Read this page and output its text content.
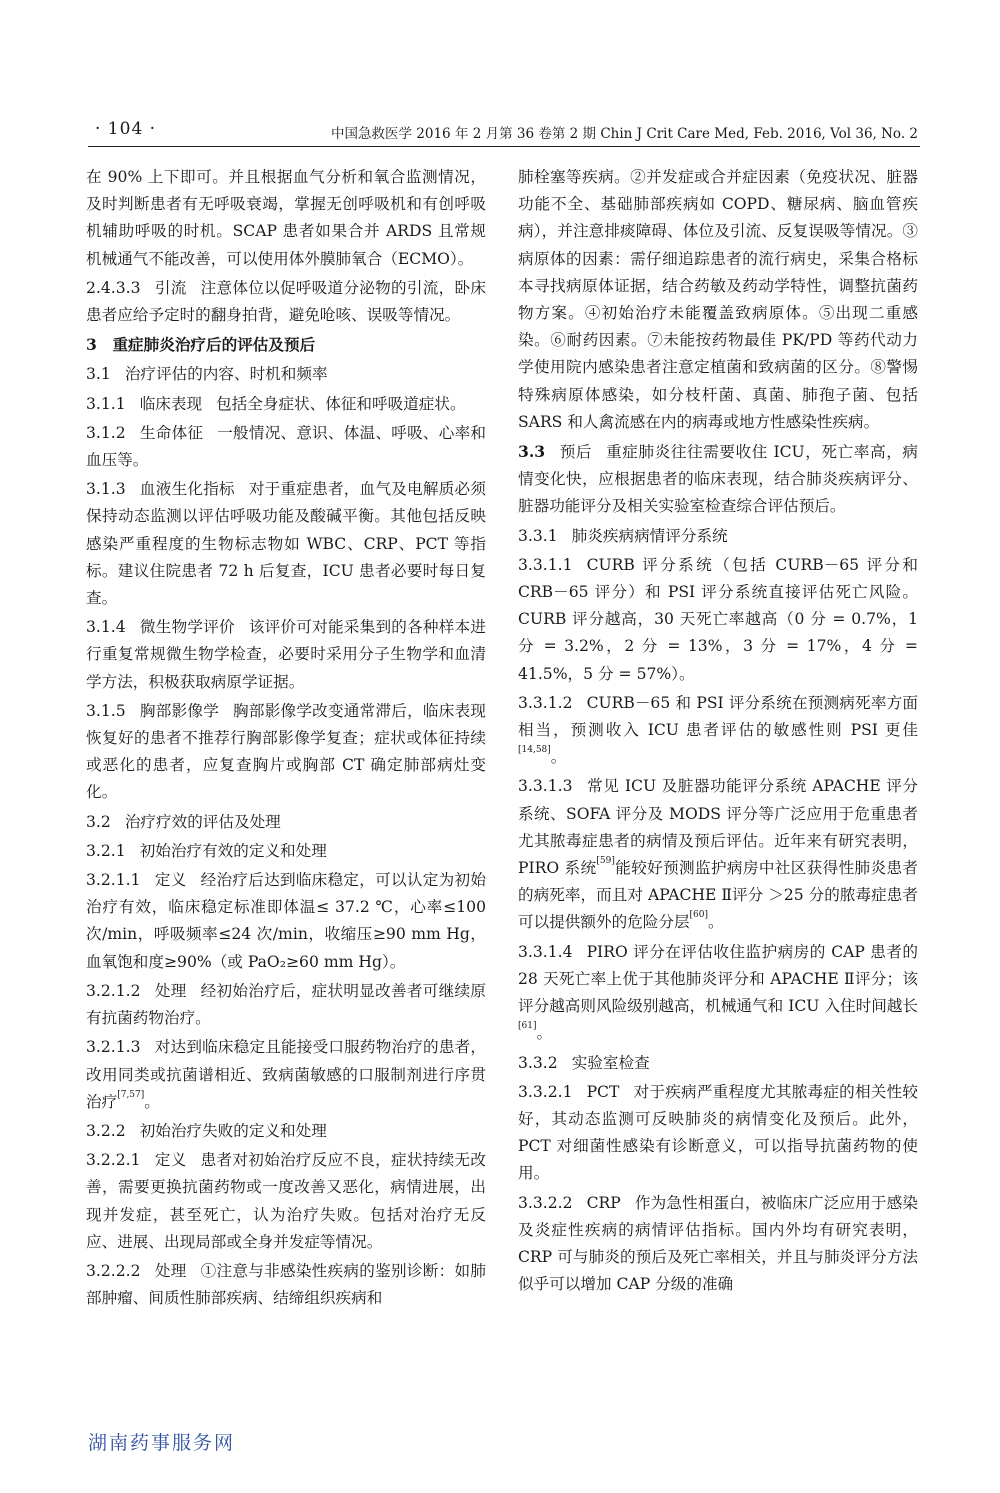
· 104 ·	中国急救医学 2016 年 2 月第 36 卷第 2 期 Chin J Crit Care Med, Feb. 2016, Vol 36, No. 2

在 90% 上下即可。并且根据血气分析和氧合监测情况，及时判断患者有无呼吸衰竭，掌握无创呼吸机和有创呼吸机辅助呼吸的时机。SCAP 患者如果合并 ARDS 且常规机械通气不能改善，可以使用体外膜肺氧合（ECMO）。

2.4.3.3 引流 注意体位以促呼吸道分泌物的引流，卧床患者应给予定时的翻身拍背，避免呛咳、误吸等情况。

3　重症肺炎治疗后的评估及预后

3.1 治疗评估的内容、时机和频率

3.1.1 临床表现 包括全身症状、体征和呼吸道症状。

3.1.2 生命体征 一般情况、意识、体温、呼吸、心率和血压等。

3.1.3 血液生化指标 对于重症患者，血气及电解质必须保持动态监测以评估呼吸功能及酸碱平衡。其他包括反映感染严重程度的生物标志物如 WBC、CRP、PCT 等指标。建议住院患者 72 h 后复查，ICU 患者必要时每日复查。

3.1.4 微生物学评价 该评价可对能采集到的各种样本进行重复常规微生物学检查，必要时采用分子生物学和血清学方法，积极获取病原学证据。

3.1.5 胸部影像学 胸部影像学改变通常滞后，临床表现恢复好的患者不推荐行胸部影像学复查；症状或体征持续或恶化的患者，应复查胸片或胸部 CT 确定肺部病灶变化。

3.2 治疗疗效的评估及处理

3.2.1 初始治疗有效的定义和处理

3.2.1.1 定义 经治疗后达到临床稳定，可以认定为初始治疗有效，临床稳定标准即体温≤ 37.2 ℃，心率≤100 次/min，呼吸频率≤24 次/min，收缩压≥90 mm Hg，血氧饱和度≥90%（或 PaO₂≥60 mm Hg）。

3.2.1.2 处理 经初始治疗后，症状明显改善者可继续原有抗菌药物治疗。

3.2.1.3 对达到临床稳定且能接受口服药物治疗的患者，改用同类或抗菌谱相近、致病菌敏感的口服制剂进行序贯治疗[7,57]。

3.2.2 初始治疗失败的定义和处理

3.2.2.1 定义 患者对初始治疗反应不良，症状持续无改善，需要更换抗菌药物或一度改善又恶化，病情进展，出现并发症，甚至死亡，认为治疗失败。包括对治疗无反应、进展、出现局部或全身并发症等情况。

3.2.2.2 处理 ①注意与非感染性疾病的鉴别诊断：如肺部肿瘤、间质性肺部疾病、结缔组织疾病和

肺栓塞等疾病。②并发症或合并症因素（免疫状况、脏器功能不全、基础肺部疾病如 COPD、糖尿病、脑血管疾病），并注意排痰障碍、体位及引流、反复误吸等情况。③病原体的因素：需仔细追踪患者的流行病史，采集合格标本寻找病原体证据，结合药敏及药动学特性，调整抗菌药物方案。④初始治疗未能覆盖致病原体。⑤出现二重感染。⑥耐药因素。⑦未能按药物最佳 PK/PD 等药代动力学使用院内感染患者注意定植菌和致病菌的区分。⑧警惕特殊病原体感染，如分枝杆菌、真菌、肺孢子菌、包括 SARS 和人禽流感在内的病毒或地方性感染性疾病。

3.3 预后 重症肺炎往往需要收住 ICU，死亡率高，病情变化快，应根据患者的临床表现，结合肺炎疾病评分、脏器功能评分及相关实验室检查综合评估预后。

3.3.1 肺炎疾病病情评分系统

3.3.1.1 CURB 评分系统（包括 CURB－65 评分和 CRB－65 评分）和 PSI 评分系统直接评估死亡风险。CURB 评分越高，30 天死亡率越高（0 分 = 0.7%，1 分 = 3.2%，2 分 = 13%，3 分 = 17%，4 分 = 41.5%，5 分 = 57%）。

3.3.1.2 CURB－65 和 PSI 评分系统在预测病死率方面相当，预测收入 ICU 患者评估的敏感性则 PSI 更佳[14,58]。

3.3.1.3 常见 ICU 及脏器功能评分系统 APACHE 评分系统、SOFA 评分及 MODS 评分等广泛应用于危重患者尤其脓毒症患者的病情及预后评估。近年来有研究表明，PIRO 系统[59]能较好预测监护病房中社区获得性肺炎患者的病死率，而且对 APACHE Ⅱ评分 ＞25 分的脓毒症患者可以提供额外的危险分层[60]。

3.3.1.4 PIRO 评分在评估收住监护病房的 CAP 患者的 28 天死亡率上优于其他肺炎评分和 APACHE Ⅱ评分；该评分越高则风险级别越高，机械通气和 ICU 入住时间越长[61]。

3.3.2 实验室检查

3.3.2.1 PCT 对于疾病严重程度尤其脓毒症的相关性较好，其动态监测可反映肺炎的病情变化及预后。此外，PCT 对细菌性感染有诊断意义，可以指导抗菌药物的使用。

3.3.2.2 CRP 作为急性相蛋白，被临床广泛应用于感染及炎症性疾病的病情评估指标。国内外均有研究表明，CRP 可与肺炎的预后及死亡率相关，并且与肺炎评分方法似乎可以增加 CAP 分级的准确

湖南药事服务网
